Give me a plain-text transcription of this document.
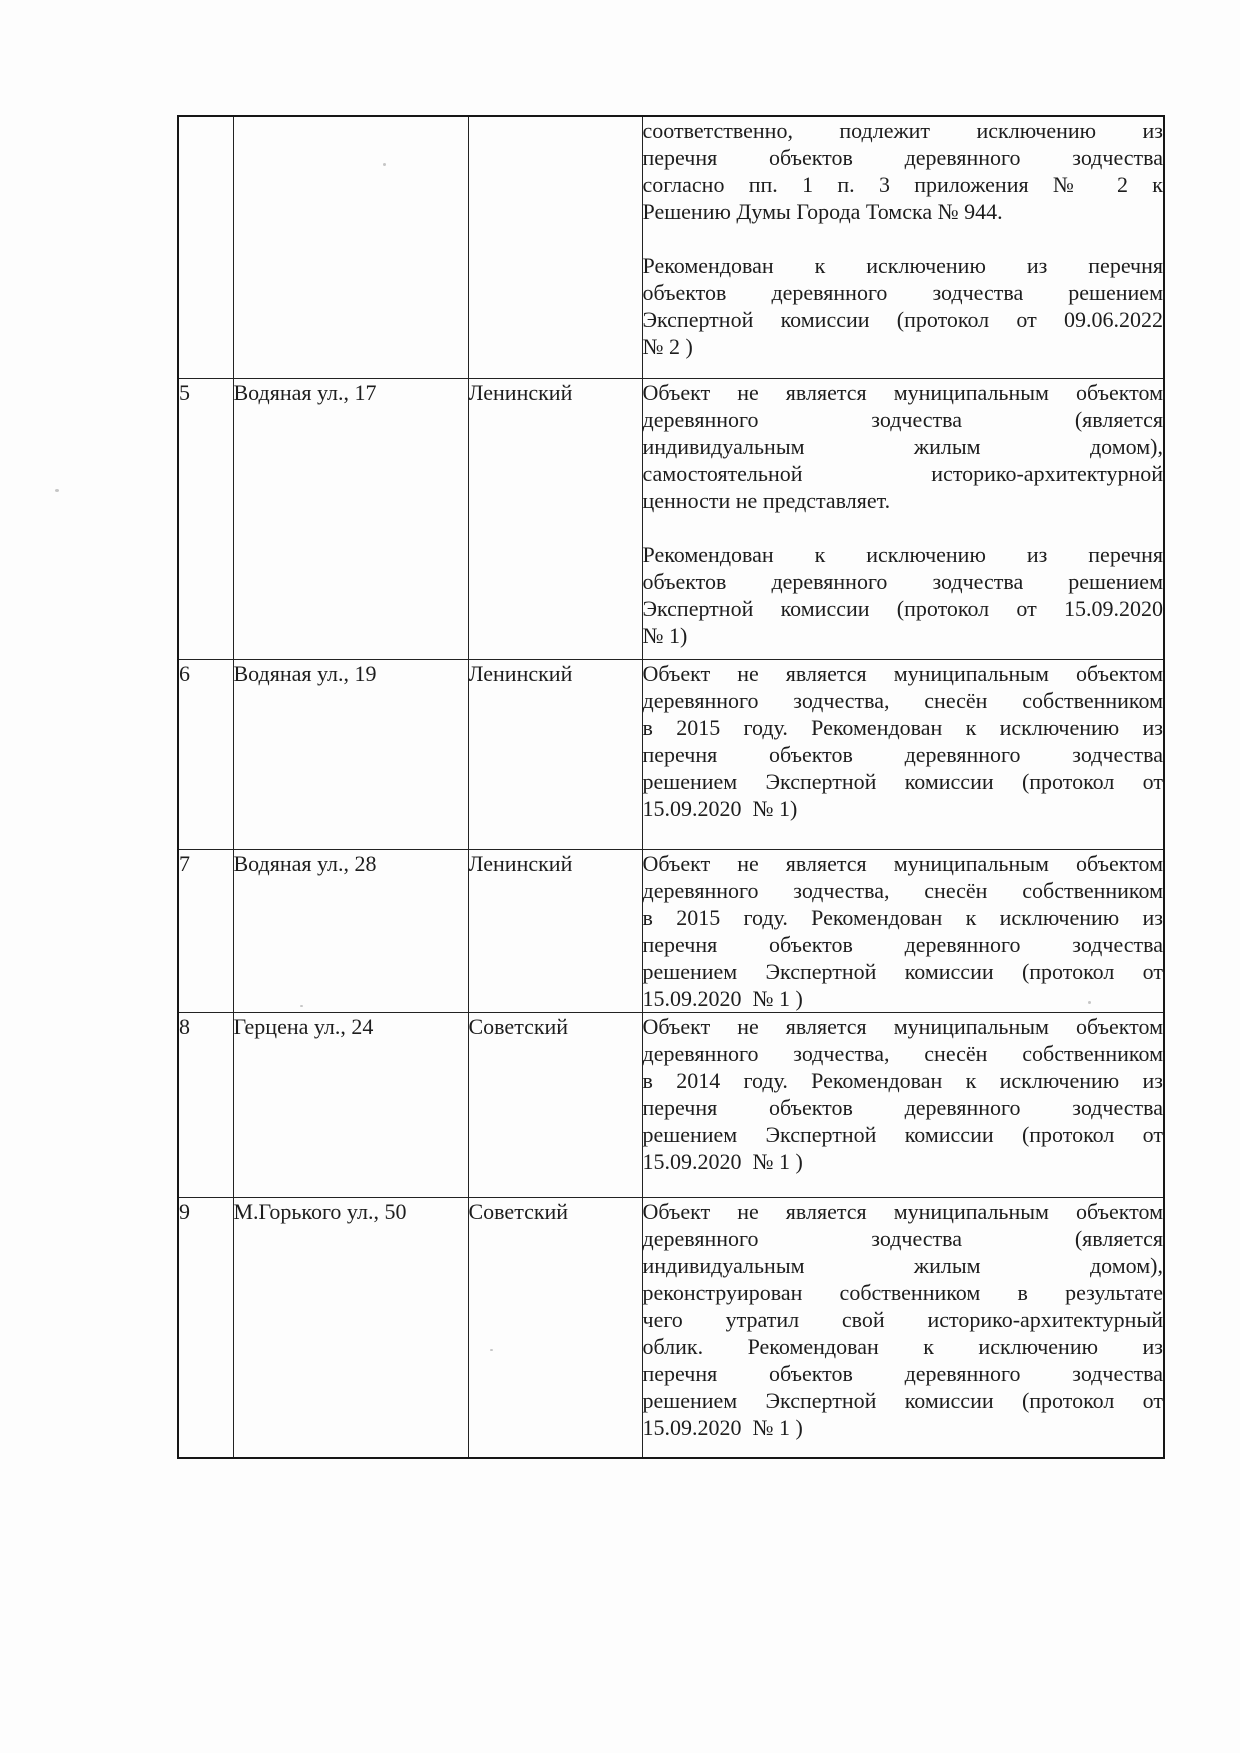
соответственно, подлежит исключению из
перечня объектов деревянного зодчества
согласно пп. 1 п. 3 приложения № 2 к
Решению Думы Города Томска № 944.
Рекомендован к исключению из перечня
объектов деревянного зодчества решением
Экспертной комиссии (протокол от 09.06.2022
№ 2 )

5	Водяная ул., 17	Ленинский	Объект не является муниципальным объектом
деревянного зодчества (является
индивидуальным жилым домом),
самостоятельной историко-архитектурной
ценности не представляет.
Рекомендован к исключению из перечня
объектов деревянного зодчества решением
Экспертной комиссии (протокол от 15.09.2020
№ 1)

6	Водяная ул., 19	Ленинский	Объект не является муниципальным объектом
деревянного зодчества, снесён собственником
в 2015 году. Рекомендован к исключению из
перечня объектов деревянного зодчества
решением Экспертной комиссии (протокол от
15.09.2020  № 1)

7	Водяная ул., 28	Ленинский	Объект не является муниципальным объектом
деревянного зодчества, снесён собственником
в 2015 году. Рекомендован к исключению из
перечня объектов деревянного зодчества
решением Экспертной комиссии (протокол от
15.09.2020  № 1 )

8	Герцена ул., 24	Советский	Объект не является муниципальным объектом
деревянного зодчества, снесён собственником
в 2014 году. Рекомендован к исключению из
перечня объектов деревянного зодчества
решением Экспертной комиссии (протокол от
15.09.2020  № 1 )

9	М.Горького ул., 50	Советский	Объект не является муниципальным объектом
деревянного зодчества (является
индивидуальным жилым домом),
реконструирован собственником в результате
чего утратил свой историко-архитектурный
облик. Рекомендован к исключению из
перечня объектов деревянного зодчества
решением Экспертной комиссии (протокол от
15.09.2020  № 1 )
